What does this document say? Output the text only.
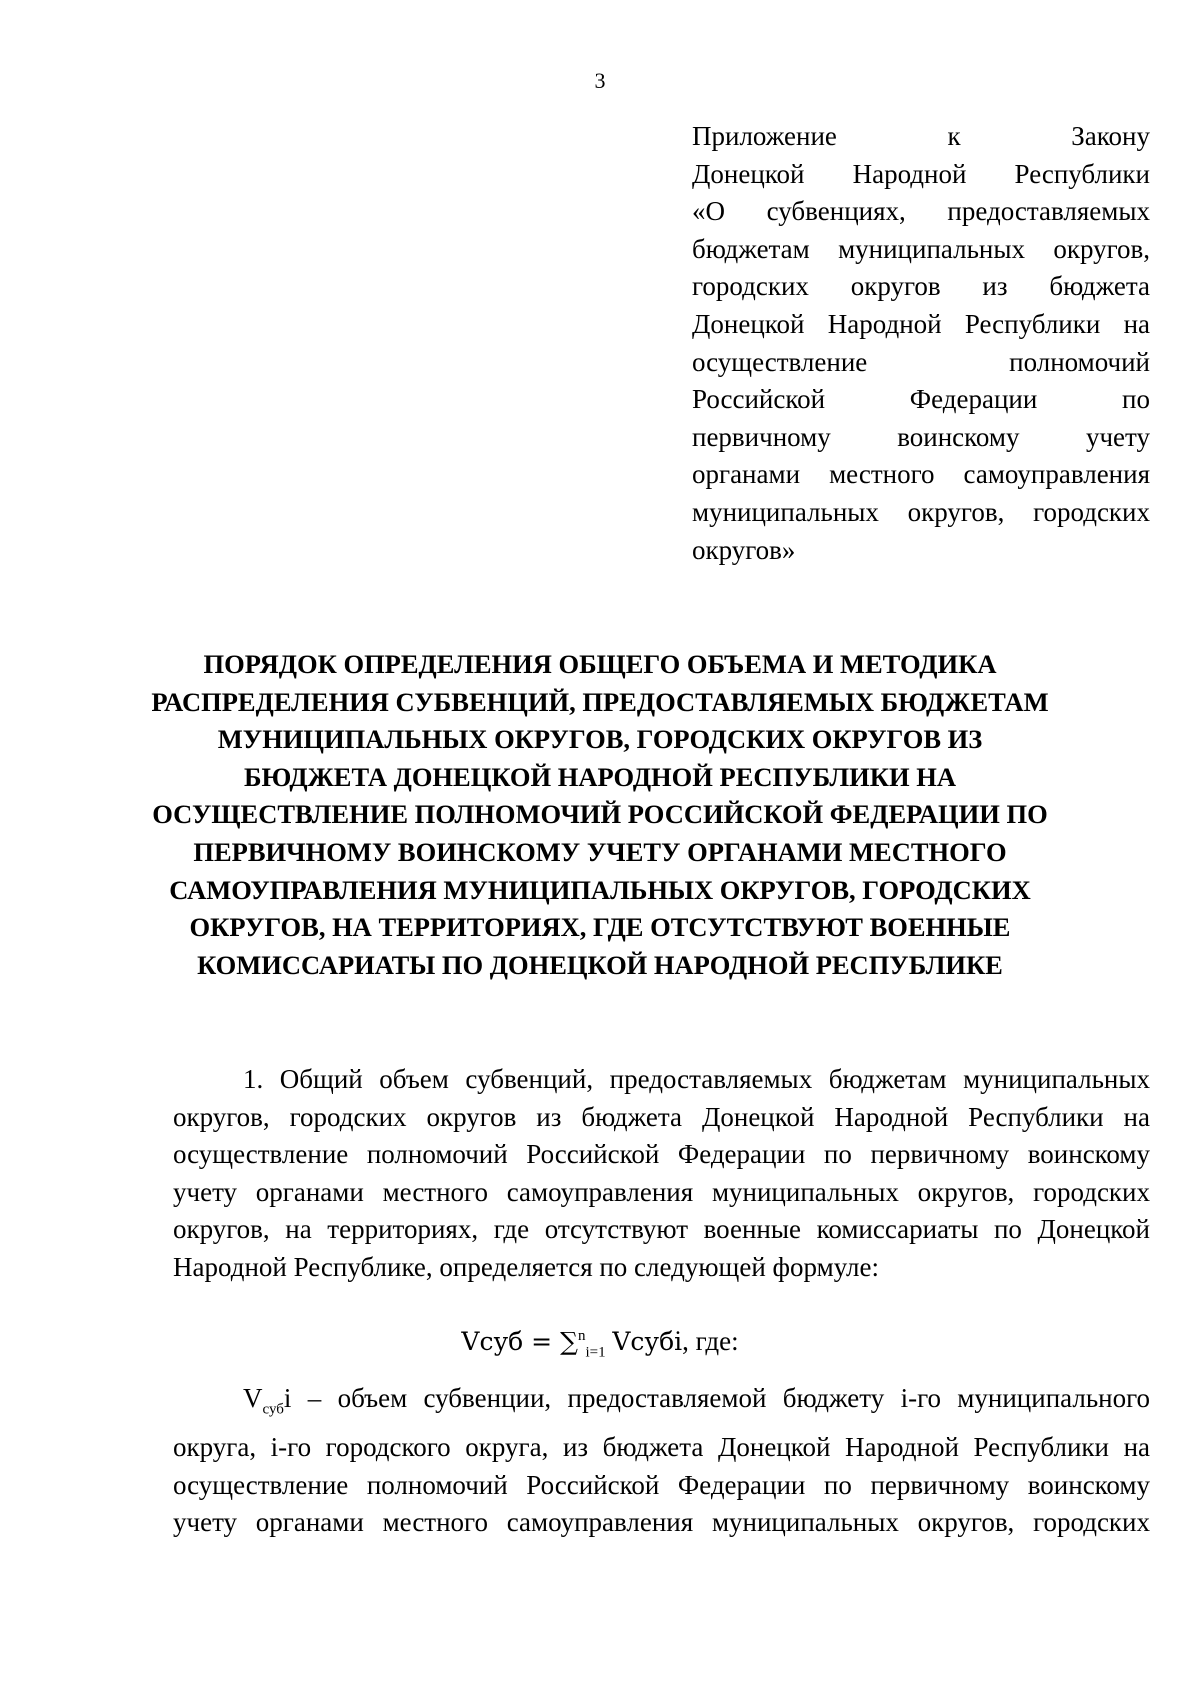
3
Приложение к Закону
Донецкой Народной Республики
«О субвенциях, предоставляемых
бюджетам муниципальных округов,
городских округов из бюджета
Донецкой Народной Республики на
осуществление полномочий
Российской Федерации по
первичному воинскому учету
органами местного самоуправления
муниципальных округов, городских
округов»
ПОРЯДОК ОПРЕДЕЛЕНИЯ ОБЩЕГО ОБЪЕМА И МЕТОДИКА
РАСПРЕДЕЛЕНИЯ СУБВЕНЦИЙ, ПРЕДОСТАВЛЯЕМЫХ БЮДЖЕТАМ
МУНИЦИПАЛЬНЫХ ОКРУГОВ, ГОРОДСКИХ ОКРУГОВ ИЗ
БЮДЖЕТА ДОНЕЦКОЙ НАРОДНОЙ РЕСПУБЛИКИ НА
ОСУЩЕСТВЛЕНИЕ ПОЛНОМОЧИЙ РОССИЙСКОЙ ФЕДЕРАЦИИ ПО
ПЕРВИЧНОМУ ВОИНСКОМУ УЧЕТУ ОРГАНАМИ МЕСТНОГО
САМОУПРАВЛЕНИЯ МУНИЦИПАЛЬНЫХ ОКРУГОВ, ГОРОДСКИХ
ОКРУГОВ, НА ТЕРРИТОРИЯХ, ГДЕ ОТСУТСТВУЮТ ВОЕННЫЕ
КОМИССАРИАТЫ ПО ДОНЕЦКОЙ НАРОДНОЙ РЕСПУБЛИКЕ
1. Общий объем субвенций, предоставляемых бюджетам муниципальных
округов, городских округов из бюджета Донецкой Народной Республики на
осуществление полномочий Российской Федерации по первичному воинскому
учету органами местного самоуправления муниципальных округов, городских
округов, на территориях, где отсутствуют военные комиссариаты по Донецкой
Народной Республике, определяется по следующей формуле:
Vсуб = ∑$^n_{i=1}$ Vсубi, где:
$V_{суб}i$ – объем субвенции, предоставляемой бюджету i-го муниципального
округа, i-го городского округа, из бюджета Донецкой Народной Республики на
осуществление полномочий Российской Федерации по первичному воинскому
учету органами местного самоуправления муниципальных округов, городских
